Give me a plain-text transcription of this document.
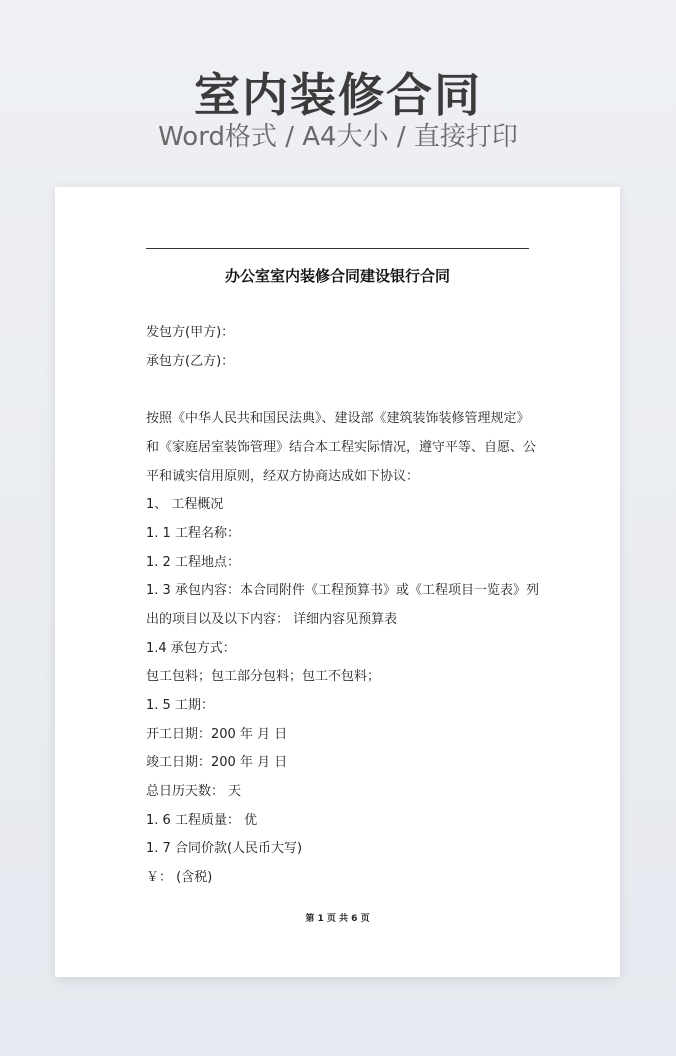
室内装修合同
Word格式 / A4大小 / 直接打印
办公室室内装修合同建设银行合同
发包方(甲方)：
承包方(乙方)：
按照《中华人民共和国民法典》、建设部《建筑装饰装修管理规定》
和《家庭居室装饰管理》结合本工程实际情况，遵守平等、自愿、公
平和诚实信用原则，经双方协商达成如下协议：
1、 工程概况
1. 1 工程名称：
1. 2 工程地点：
1. 3 承包内容：本合同附件《工程预算书》或《工程项目一览表》列
出的项目以及以下内容： 详细内容见预算表
1.4 承包方式：
包工包料；包工部分包料；包工不包料；
1. 5 工期：
开工日期：200 年 月 日
竣工日期：200 年 月 日
总日历天数： 天
1. 6 工程质量： 优
1. 7 合同价款(人民币大写)
￥： (含税)
第 1 页 共 6 页
